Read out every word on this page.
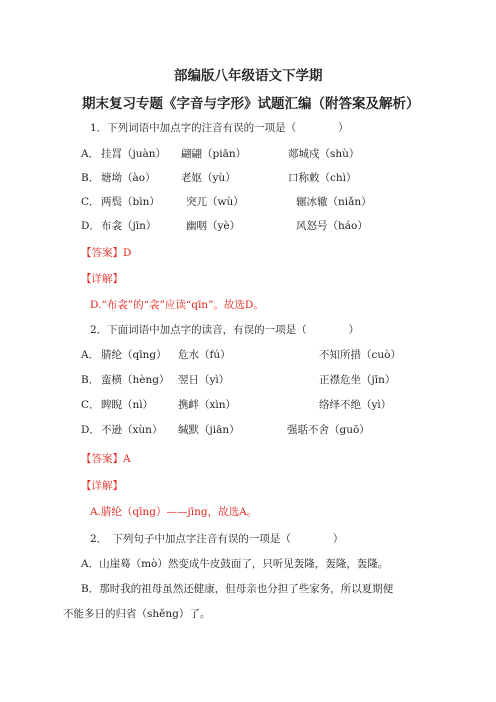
部编版八年级语文下学期
期末复习专题《字音与字形》试题汇编（附答案及解析）
1．下列词语中加点字的注音有误的一项是（　　　　）
A． 挂罥（juàn） 翩翩（piān）	郯城戍（shù）
B． 塘坳（ào） 老妪（yù）	口称敕（chì）
C． 两鬓（bìn） 突兀（wù）	辗冰辙（niǎn）
D． 布衾（jīn）	幽咽（yè）	风怒号（háo）
【答案】D
【详解】
D.“布衾”的“衾”应读“qīn”。故选D。
2．下面词语中加点字的读音，有误的一项是（　　　　）
A． 腈纶（qīng） 危水（fú）	不知所措（cuò）
B． 蛮横（hèng） 翌日（yì）	正襟危坐（jīn）
C． 睥睨（nì） 携衅（xìn）	络绎不绝（yì）
D． 不逊（xùn） 缄默（jiān）	强聒不舍（guō）
【答案】A
【详解】
A.腈纶（qīng）——jīng，故选A。
2．　下列句子中加点字注音有误的一项是（　　　　）
A．山崖蓦（mò）然变成牛皮鼓面了，只听见轰隆，轰隆，轰隆。
B．那时我的祖母虽然还健康，但母亲也分担了些家务，所以夏期便
不能多日的归省（shěng）了。
